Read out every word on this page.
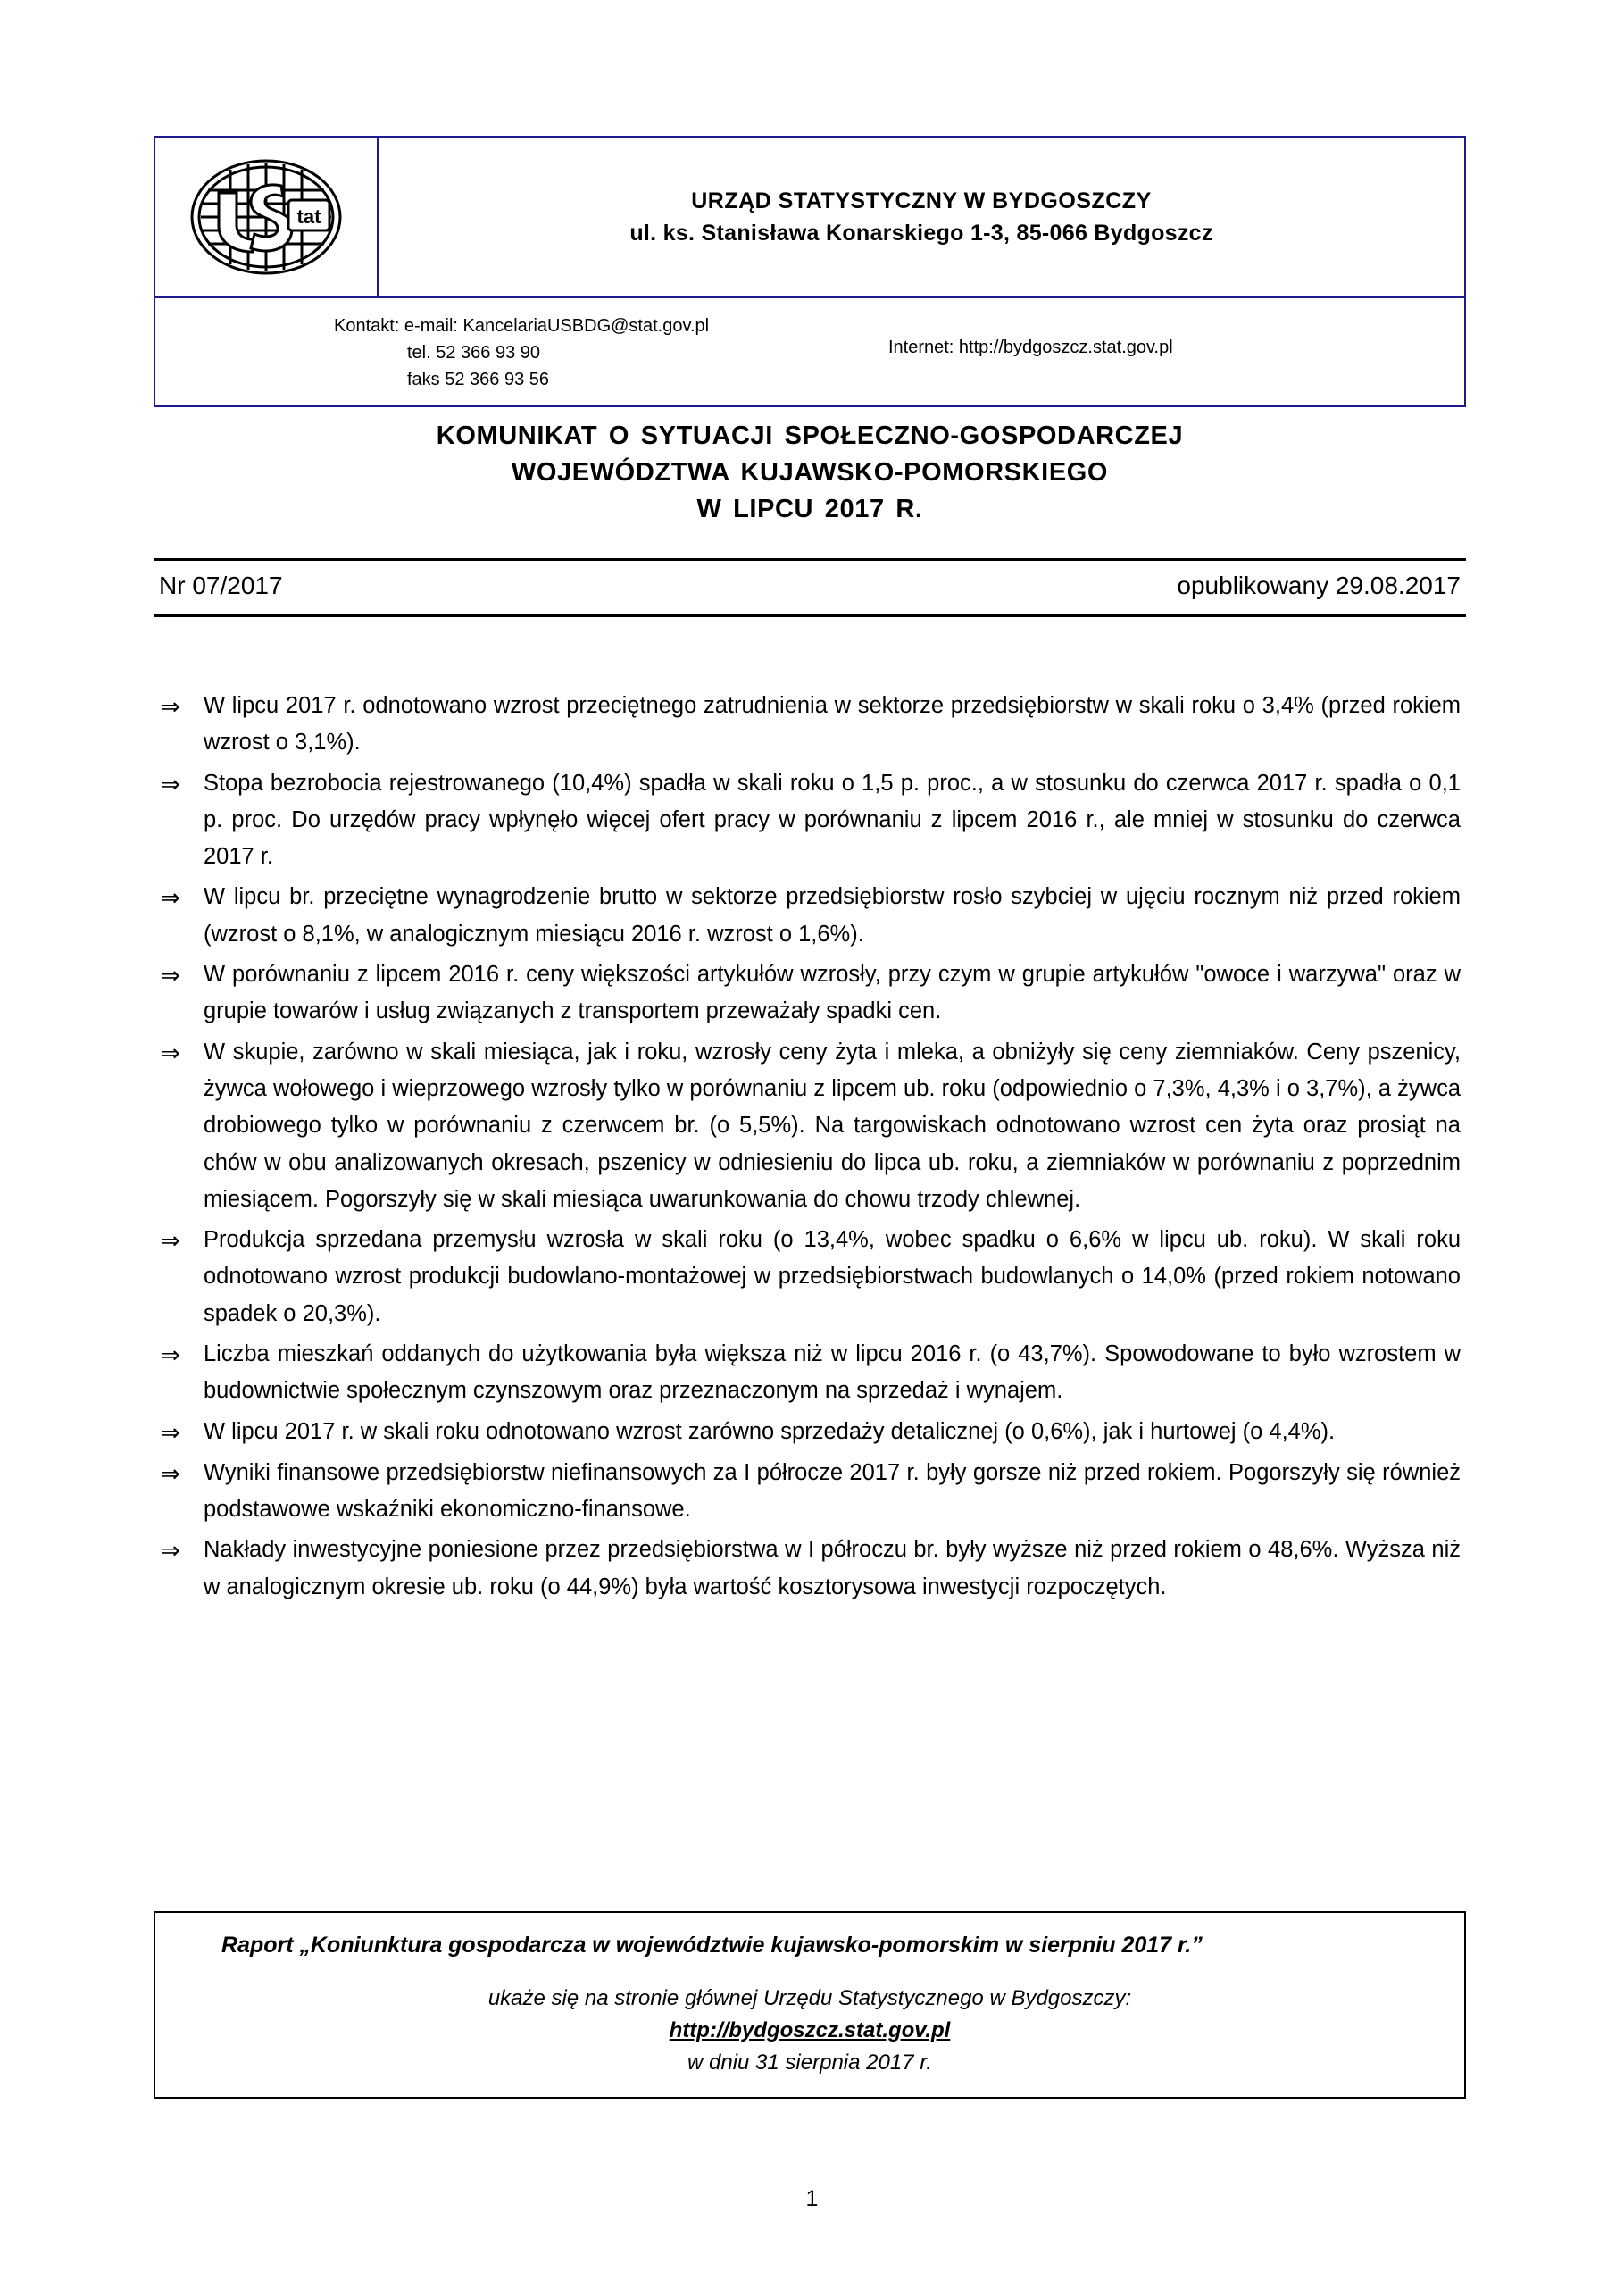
tat
URZĄD STATYSTYCZNY W BYDGOSZCZY
ul. ks. Stanisława Konarskiego 1-3, 85-066 Bydgoszcz
Kontakt: e-mail: KancelariaUSBDG@stat.gov.pl
tel. 52 366 93 90
faks 52 366 93 56
Internet: http://bydgoszcz.stat.gov.pl
KOMUNIKAT O SYTUACJI SPOŁECZNO-GOSPODARCZEJ
WOJEWÓDZTWA KUJAWSKO-POMORSKIEGO
W LIPCU 2017 R.
Nr 07/2017	opublikowany 29.08.2017
⇒	W lipcu 2017 r. odnotowano wzrost przeciętnego zatrudnienia w sektorze przedsiębiorstw w skali roku o 3,4% (przed rokiem wzrost o 3,1%).
⇒	Stopa bezrobocia rejestrowanego (10,4%) spadła w skali roku o 1,5 p. proc., a w stosunku do czerwca 2017 r. spadła o 0,1 p. proc. Do urzędów pracy wpłynęło więcej ofert pracy w porównaniu z lipcem 2016 r., ale mniej w stosunku do czerwca 2017 r.
⇒	W lipcu br. przeciętne wynagrodzenie brutto w sektorze przedsiębiorstw rosło szybciej w ujęciu rocznym niż przed rokiem (wzrost o 8,1%, w analogicznym miesiącu 2016 r. wzrost o 1,6%).
⇒	W porównaniu z lipcem 2016 r. ceny większości artykułów wzrosły, przy czym w grupie artykułów "owoce i warzywa" oraz w grupie towarów i usług związanych z transportem przeważały spadki cen.
⇒	W skupie, zarówno w skali miesiąca, jak i roku, wzrosły ceny żyta i mleka, a obniżyły się ceny ziemniaków. Ceny pszenicy, żywca wołowego i wieprzowego wzrosły tylko w porównaniu z lipcem ub. roku (odpowiednio o 7,3%, 4,3% i o 3,7%), a żywca drobiowego tylko w porównaniu z czerwcem br. (o 5,5%). Na targowiskach odnotowano wzrost cen żyta oraz prosiąt na chów w obu analizowanych okresach, pszenicy w odniesieniu do lipca ub. roku, a ziemniaków w porównaniu z poprzednim miesiącem. Pogorszyły się w skali miesiąca uwarunkowania do chowu trzody chlewnej.
⇒	Produkcja sprzedana przemysłu wzrosła w skali roku (o 13,4%, wobec spadku o 6,6% w lipcu ub. roku). W skali roku odnotowano wzrost produkcji budowlano-montażowej w przedsiębiorstwach budowlanych o 14,0% (przed rokiem notowano spadek o 20,3%).
⇒	Liczba mieszkań oddanych do użytkowania była większa niż w lipcu 2016 r. (o 43,7%). Spowodowane to było wzrostem w budownictwie społecznym czynszowym oraz przeznaczonym na sprzedaż i wynajem.
⇒	W lipcu 2017 r. w skali roku odnotowano wzrost zarówno sprzedaży detalicznej (o 0,6%), jak i hurtowej (o 4,4%).
⇒	Wyniki finansowe przedsiębiorstw niefinansowych za I półrocze 2017 r. były gorsze niż przed rokiem. Pogorszyły się również podstawowe wskaźniki ekonomiczno-finansowe.
⇒	Nakłady inwestycyjne poniesione przez przedsiębiorstwa w I półroczu br. były wyższe niż przed rokiem o 48,6%. Wyższa niż w analogicznym okresie ub. roku (o 44,9%) była wartość kosztorysowa inwestycji rozpoczętych.
Raport „Koniunktura gospodarcza w województwie kujawsko-pomorskim w sierpniu 2017 r.”
ukaże się na stronie głównej Urzędu Statystycznego w Bydgoszczy:
http://bydgoszcz.stat.gov.pl
w dniu 31 sierpnia 2017 r.
1
